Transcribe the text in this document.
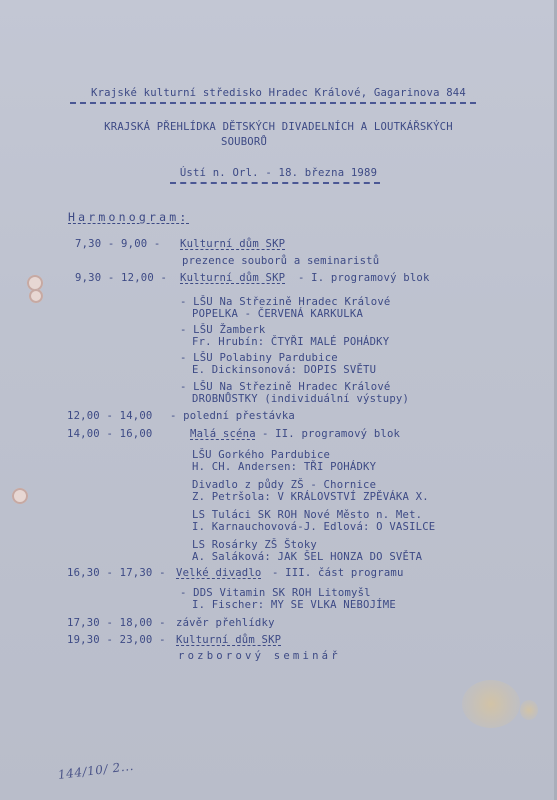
Krajské kulturní středisko Hradec Králové, Gagarinova 844
KRAJSKÁ PŘEHLÍDKA DĚTSKÝCH DIVADELNÍCH A LOUTKÁŘSKÝCH
SOUBORŮ
Ústí n. Orl. - 18. března 1989
Harmonogram:
7,30 - 9,00 - Kulturní dům SKP
prezence souborů a seminaristů
9,30 - 12,00 - Kulturní dům SKP - I. programový blok
- LŠU Na Střezině Hradec Králové
POPELKA - ČERVENÁ KARKULKA
- LŠU Žamberk
Fr. Hrubín: ČTYŘI MALÉ POHÁDKY
- LŠU Polabiny Pardubice
E. Dickinsonová: DOPIS SVĚTU
- LŠU Na Střezině Hradec Králové
DROBNŮSTKY (individuální výstupy)
12,00 - 14,00 - polední přestávka
14,00 - 16,00	Malá scéna - II. programový blok
LŠU Gorkého Pardubice
H. CH. Andersen: TŘI POHÁDKY
Divadlo z půdy ZŠ - Chornice
Z. Petršola: V KRÁLOVSTVÍ ZPĚVÁKA X.
LS Tuláci SK ROH Nové Město n. Met.
I. Karnauchovová-J. Edlová: O VASILCE
LS Rosárky ZŠ Štoky
A. Saláková: JAK ŠEL HONZA DO SVĚTA
16,30 - 17,30 - Velké divadlo - III. část programu
- DDS Vitamin SK ROH Litomyšl
I. Fischer: MY SE VLKA NEBOJÍME
17,30 - 18,00 - závěr přehlídky
19,30 - 23,00 - Kulturní dům SKP
rozborový seminář
144/10/ 2...
